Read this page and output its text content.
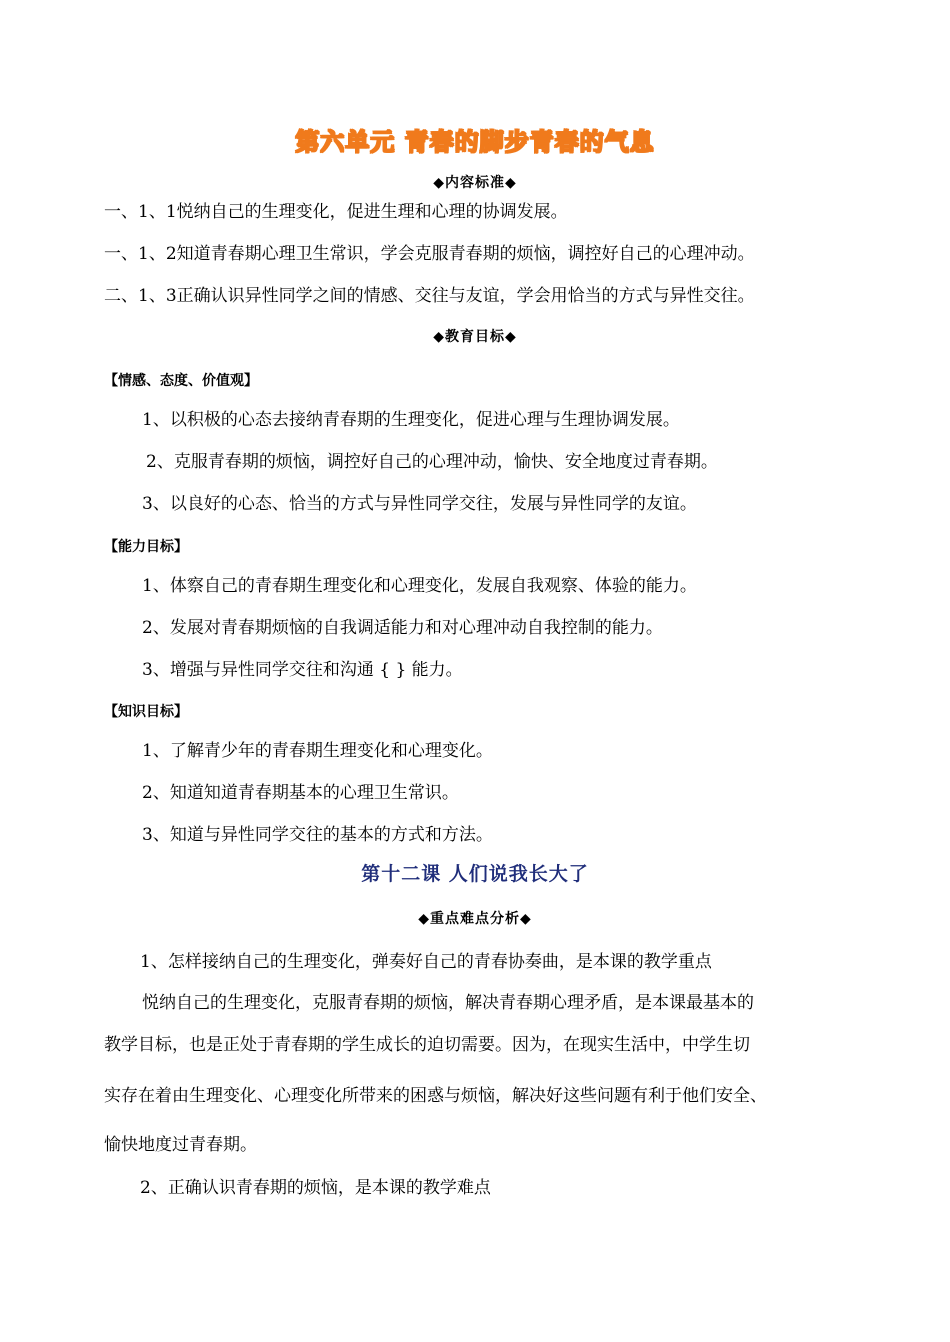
第六单元 青春的脚步青春的气息
◆内容标准◆
一、1、1悦纳自己的生理变化，促进生理和心理的协调发展。
一、1、2知道青春期心理卫生常识，学会克服青春期的烦恼，调控好自己的心理冲动。
二、1、3正确认识异性同学之间的情感、交往与友谊，学会用恰当的方式与异性交往。
◆教育目标◆
【情感、态度、价值观】
1、以积极的心态去接纳青春期的生理变化，促进心理与生理协调发展。
2、克服青春期的烦恼，调控好自己的心理冲动，愉快、安全地度过青春期。
3、以良好的心态、恰当的方式与异性同学交往，发展与异性同学的友谊。
【能力目标】
1、体察自己的青春期生理变化和心理变化，发展自我观察、体验的能力。
2、发展对青春期烦恼的自我调适能力和对心理冲动自我控制的能力。
3、增强与异性同学交往和沟通 { } 能力。
【知识目标】
1、了解青少年的青春期生理变化和心理变化。
2、知道知道青春期基本的心理卫生常识。
3、知道与异性同学交往的基本的方式和方法。
第十二课 人们说我长大了
◆重点难点分析◆
1、怎样接纳自己的生理变化，弹奏好自己的青春协奏曲，是本课的教学重点
悦纳自己的生理变化，克服青春期的烦恼，解决青春期心理矛盾，是本课最基本的
教学目标，也是正处于青春期的学生成长的迫切需要。因为，在现实生活中，中学生切
实存在着由生理变化、心理变化所带来的困惑与烦恼，解决好这些问题有利于他们安全、
愉快地度过青春期。
2、正确认识青春期的烦恼，是本课的教学难点
